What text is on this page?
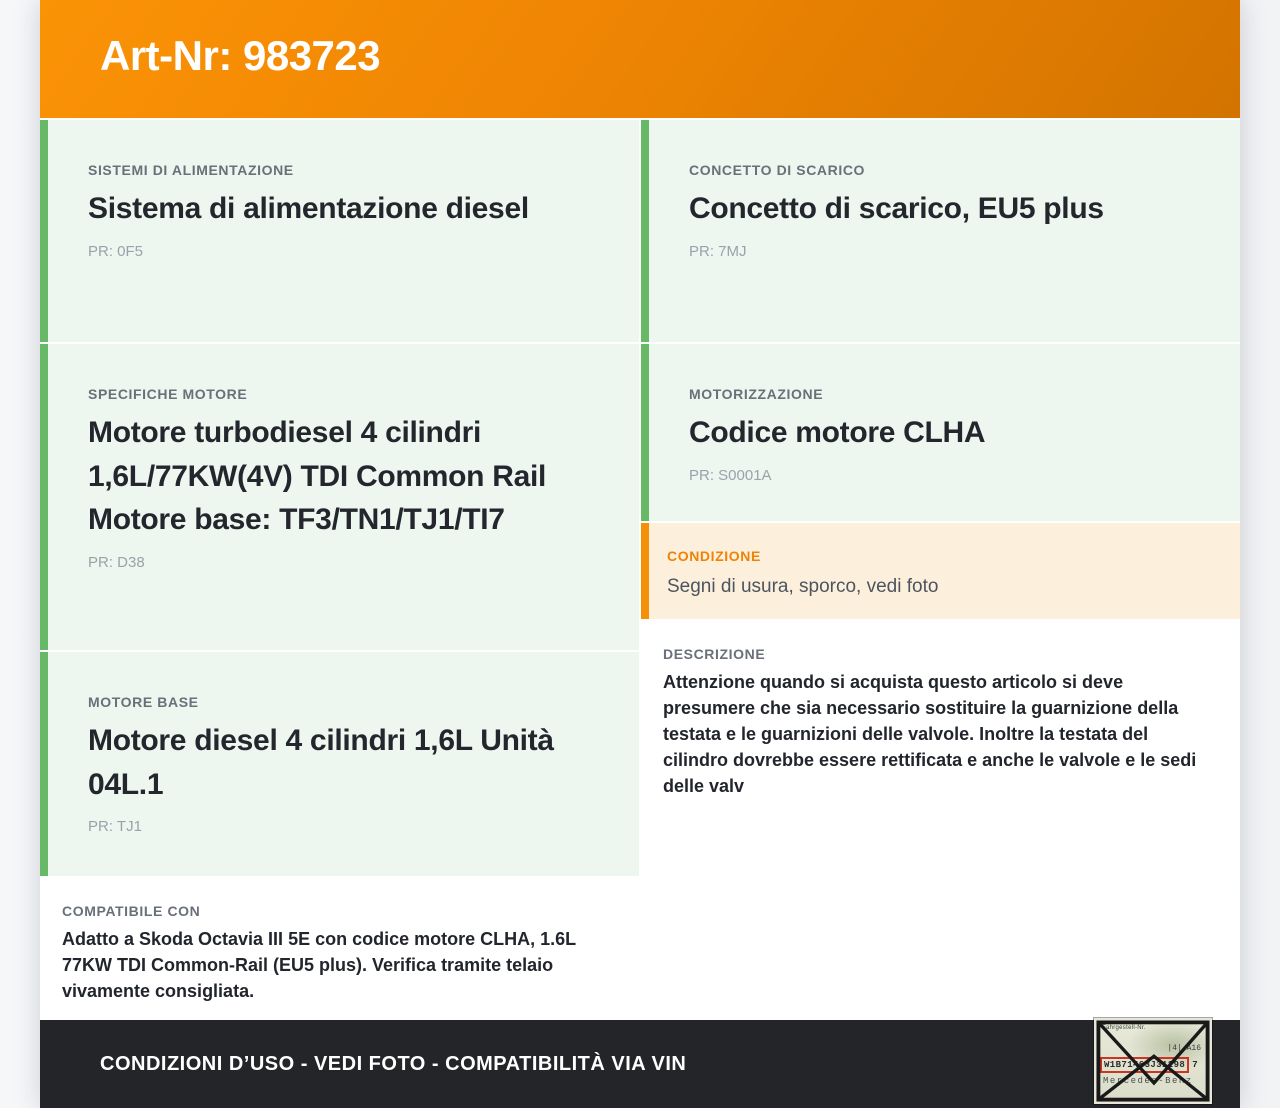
Art-Nr: 983723
SISTEMI DI ALIMENTAZIONE
Sistema di alimentazione diesel
PR: 0F5
SPECIFICHE MOTORE
Motore turbodiesel 4 cilindri 1,6L/77KW(4V) TDI Common Rail Motore base: TF3/TN1/TJ1/TI7
PR: D38
MOTORE BASE
Motore diesel 4 cilindri 1,6L Unità 04L.1
PR: TJ1
COMPATIBILE CON

Adatto a Skoda Octavia III 5E con codice motore CLHA, 1.6L 77KW TDI Common-Rail (EU5 plus). Verifica tramite telaio vivamente consigliata.

CONCETTO DI SCARICO
Concetto di scarico, EU5 plus
PR: 7MJ
MOTORIZZAZIONE
Codice motore CLHA
PR: S0001A
CONDIZIONE

Segni di usura, sporco, vedi foto

DESCRIZIONE

Attenzione quando si acquista questo articolo si deve presumere che sia necessario sostituire la guarnizione della testata e le guarnizioni delle valvole. Inoltre la testata del cilindro dovrebbe essere rettificata e anche le valvole e le sedi delle valv

CONDIZIONI D’USO - VEDI FOTO - COMPATIBILITÀ VIA VIN
Fahrgestell-Nr.
|4| A16
W1B71463J31298 7
Mercedes-Benz
